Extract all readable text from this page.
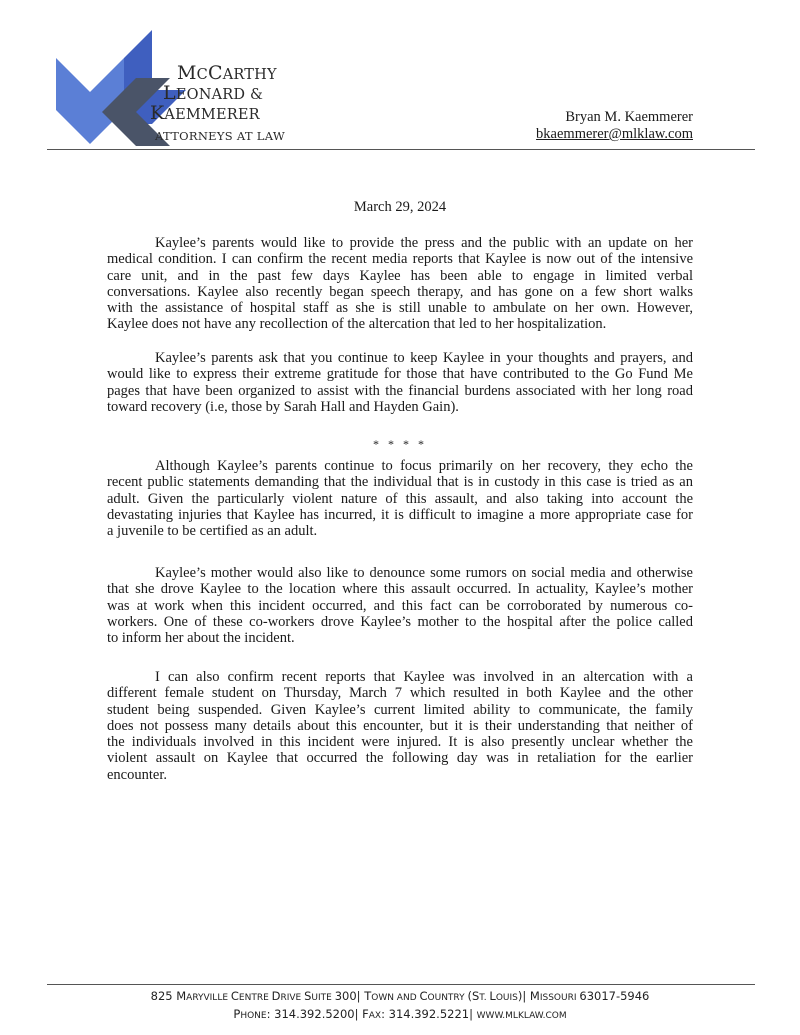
MCCARTHY
LEONARD &
KAEMMERER
ATTORNEYS AT LAW
Bryan M. Kaemmerer
bkaemmerer@mlklaw.com
March 29, 2024
Kaylee’s parents would like to provide the press and the public with an update on her
medical condition. I can confirm the recent media reports that Kaylee is now out of the intensive
care unit, and in the past few days Kaylee has been able to engage in limited verbal
conversations. Kaylee also recently began speech therapy, and has gone on a few short walks
with the assistance of hospital staff as she is still unable to ambulate on her own. However,
Kaylee does not have any recollection of the altercation that led to her hospitalization.
Kaylee’s parents ask that you continue to keep Kaylee in your thoughts and prayers, and
would like to express their extreme gratitude for those that have contributed to the Go Fund Me
pages that have been organized to assist with the financial burdens associated with her long road
toward recovery (i.e, those by Sarah Hall and Hayden Gain).
* * * *
Although Kaylee’s parents continue to focus primarily on her recovery, they echo the
recent public statements demanding that the individual that is in custody in this case is tried as an
adult. Given the particularly violent nature of this assault, and also taking into account the
devastating injuries that Kaylee has incurred, it is difficult to imagine a more appropriate case for
a juvenile to be certified as an adult.
Kaylee’s mother would also like to denounce some rumors on social media and otherwise
that she drove Kaylee to the location where this assault occurred. In actuality, Kaylee’s mother
was at work when this incident occurred, and this fact can be corroborated by numerous co-
workers. One of these co-workers drove Kaylee’s mother to the hospital after the police called
to inform her about the incident.
I can also confirm recent reports that Kaylee was involved in an altercation with a
different female student on Thursday, March 7 which resulted in both Kaylee and the other
student being suspended. Given Kaylee’s current limited ability to communicate, the family
does not possess many details about this encounter, but it is their understanding that neither of
the individuals involved in this incident were injured. It is also presently unclear whether the
violent assault on Kaylee that occurred the following day was in retaliation for the earlier
encounter.
825 MARYVILLE CENTRE DRIVE SUITE 300| TOWN AND COUNTRY (ST. LOUIS)| MISSOURI 63017-5946
PHONE: 314.392.5200| FAX: 314.392.5221| WWW.MLKLAW.COM
